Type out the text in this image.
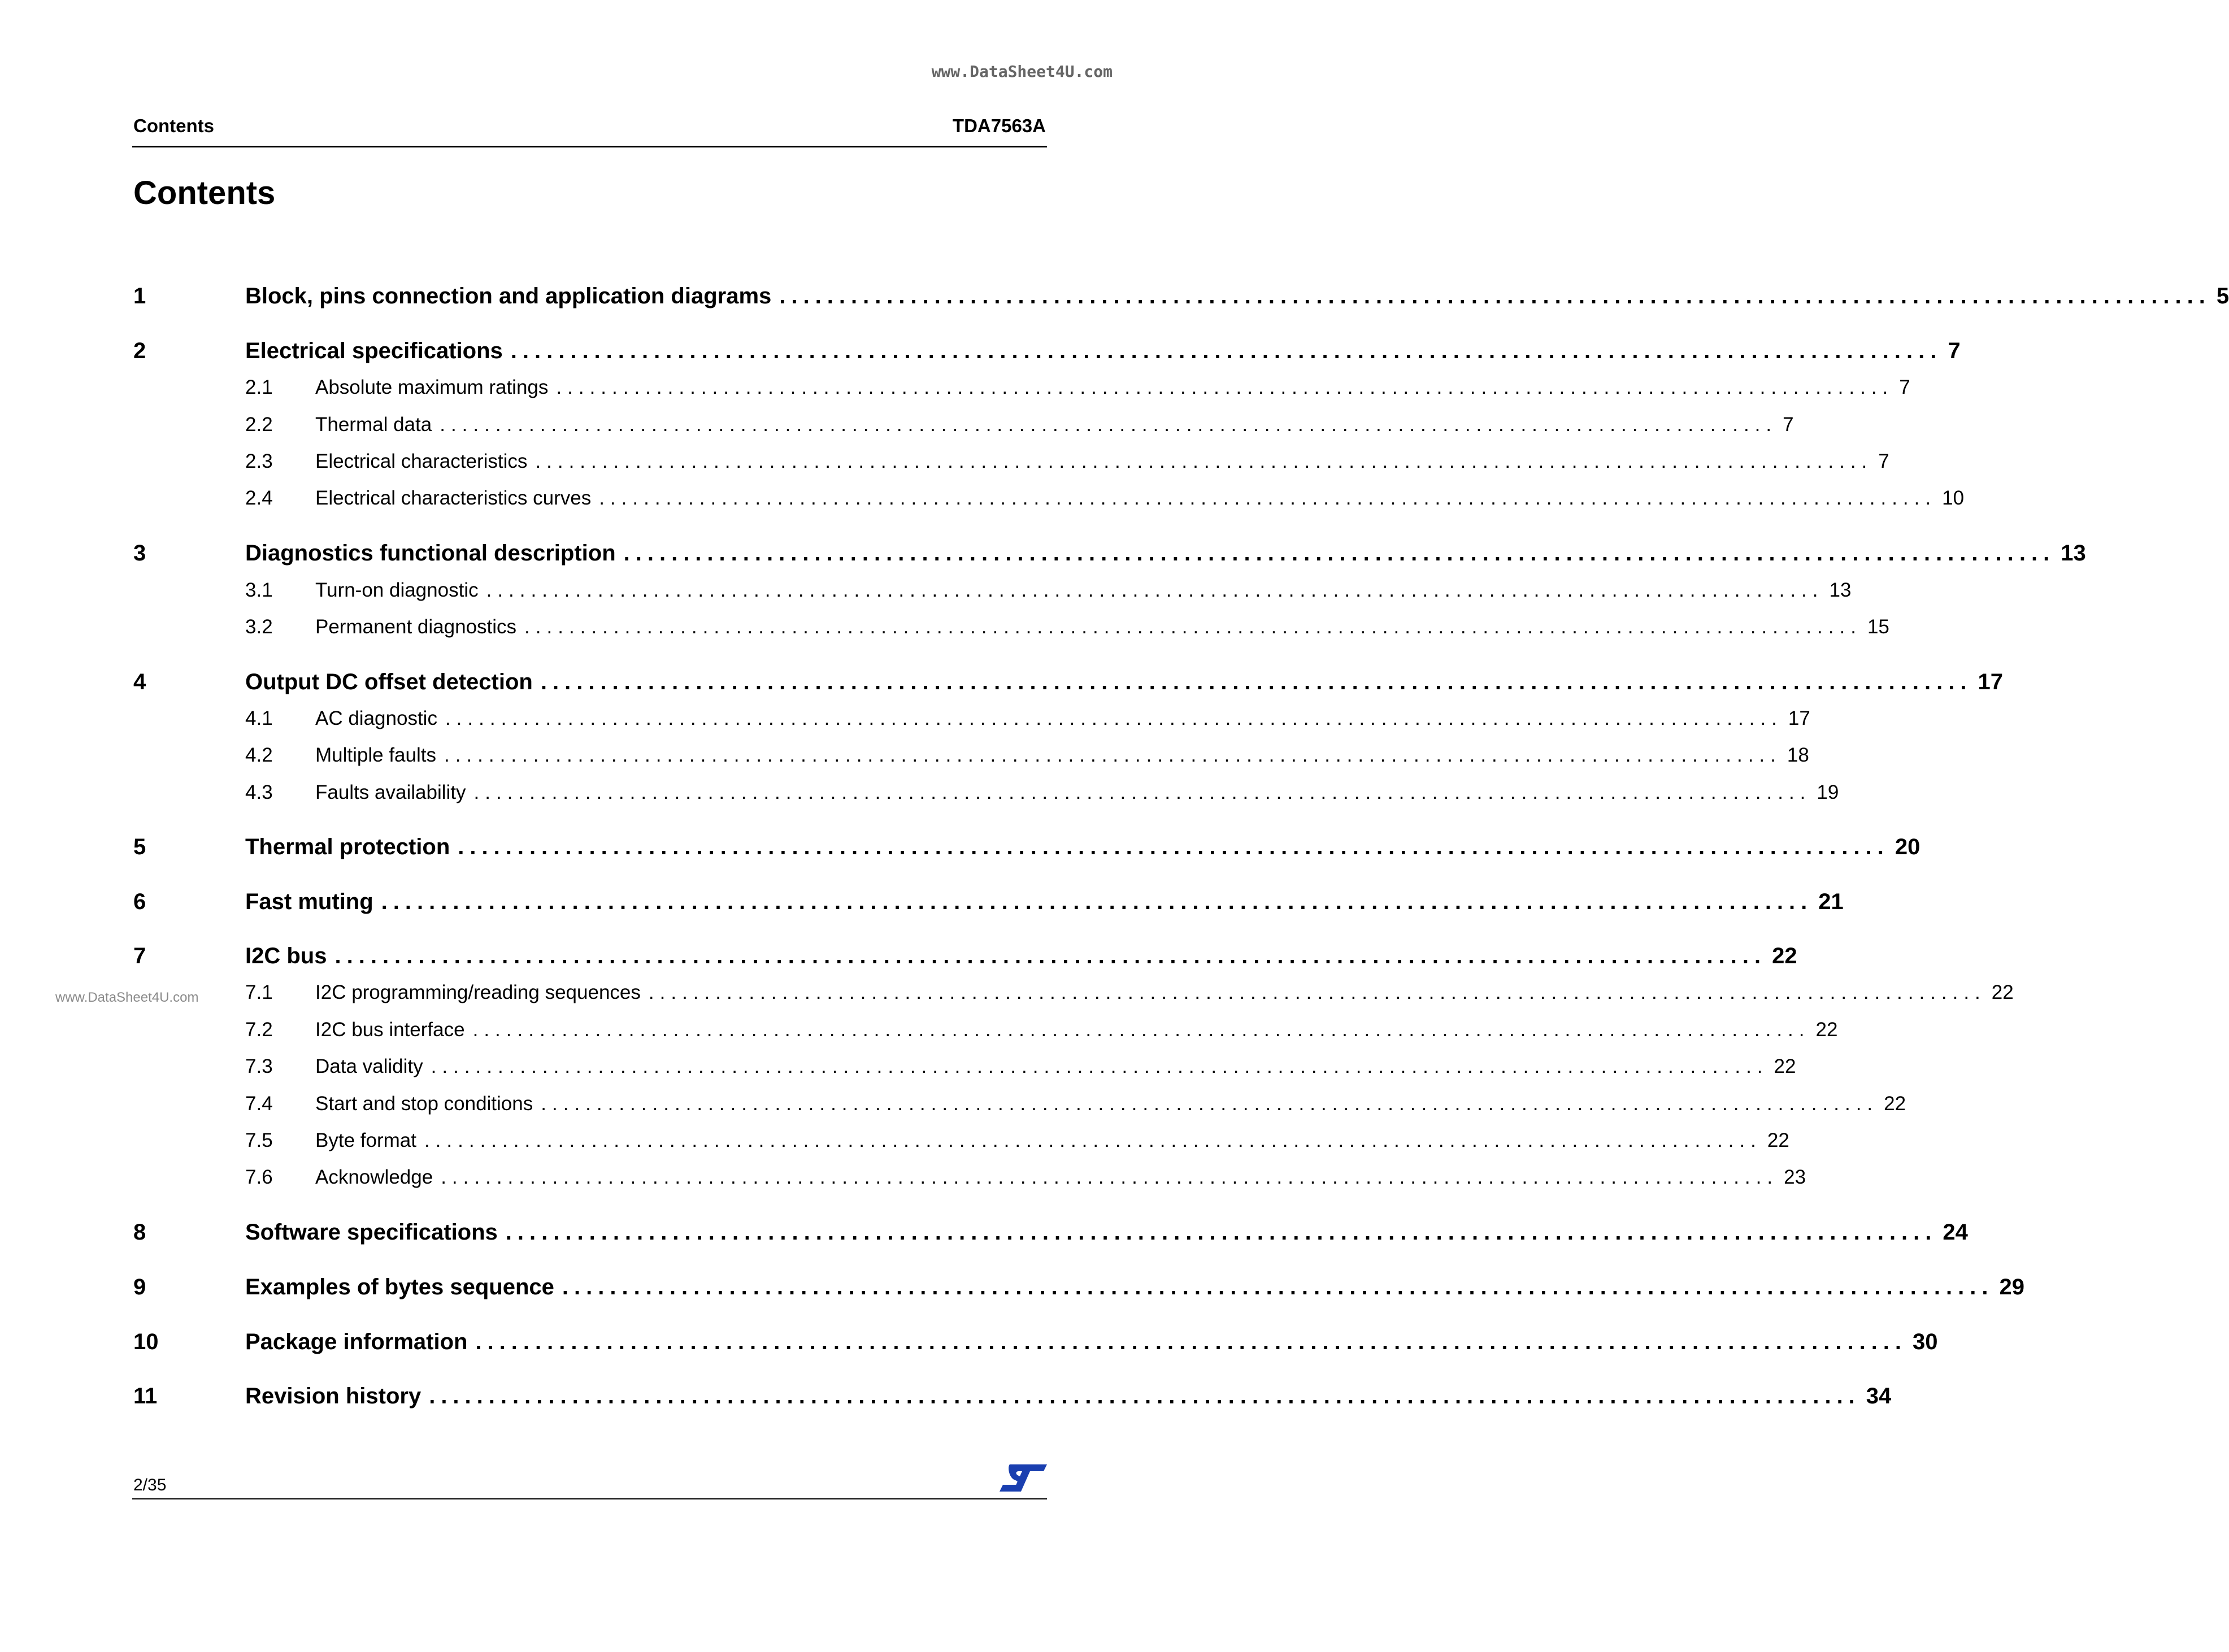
www.DataSheet4U.com
www.DataSheet4U.com
Contents	TDA7563A
Contents
1	Block, pins connection and application diagrams ........................................................................................................................ 5
2	Electrical specifications ........................................................................................................................ 7
2.1 Absolute maximum ratings ........................................................................................................................ 7
2.2 Thermal data ........................................................................................................................ 7
2.3 Electrical characteristics ........................................................................................................................ 7
2.4 Electrical characteristics curves ........................................................................................................................ 10
3	Diagnostics functional description ........................................................................................................................ 13
3.1 Turn-on diagnostic ........................................................................................................................ 13
3.2 Permanent diagnostics ........................................................................................................................ 15
4	Output DC offset detection ........................................................................................................................ 17
4.1 AC diagnostic ........................................................................................................................ 17
4.2 Multiple faults ........................................................................................................................ 18
4.3 Faults availability ........................................................................................................................ 19
5	Thermal protection ........................................................................................................................ 20
6	Fast muting ........................................................................................................................ 21
7	I2C bus ........................................................................................................................ 22
7.1 I2C programming/reading sequences ........................................................................................................................ 22
7.2 I2C bus interface ........................................................................................................................ 22
7.3 Data validity ........................................................................................................................ 22
7.4 Start and stop conditions ........................................................................................................................ 22
7.5 Byte format ........................................................................................................................ 22
7.6 Acknowledge ........................................................................................................................ 23
8	Software specifications ........................................................................................................................ 24
9	Examples of bytes sequence ........................................................................................................................ 29
10	Package information ........................................................................................................................ 30
11	Revision history ........................................................................................................................ 34
2/35
